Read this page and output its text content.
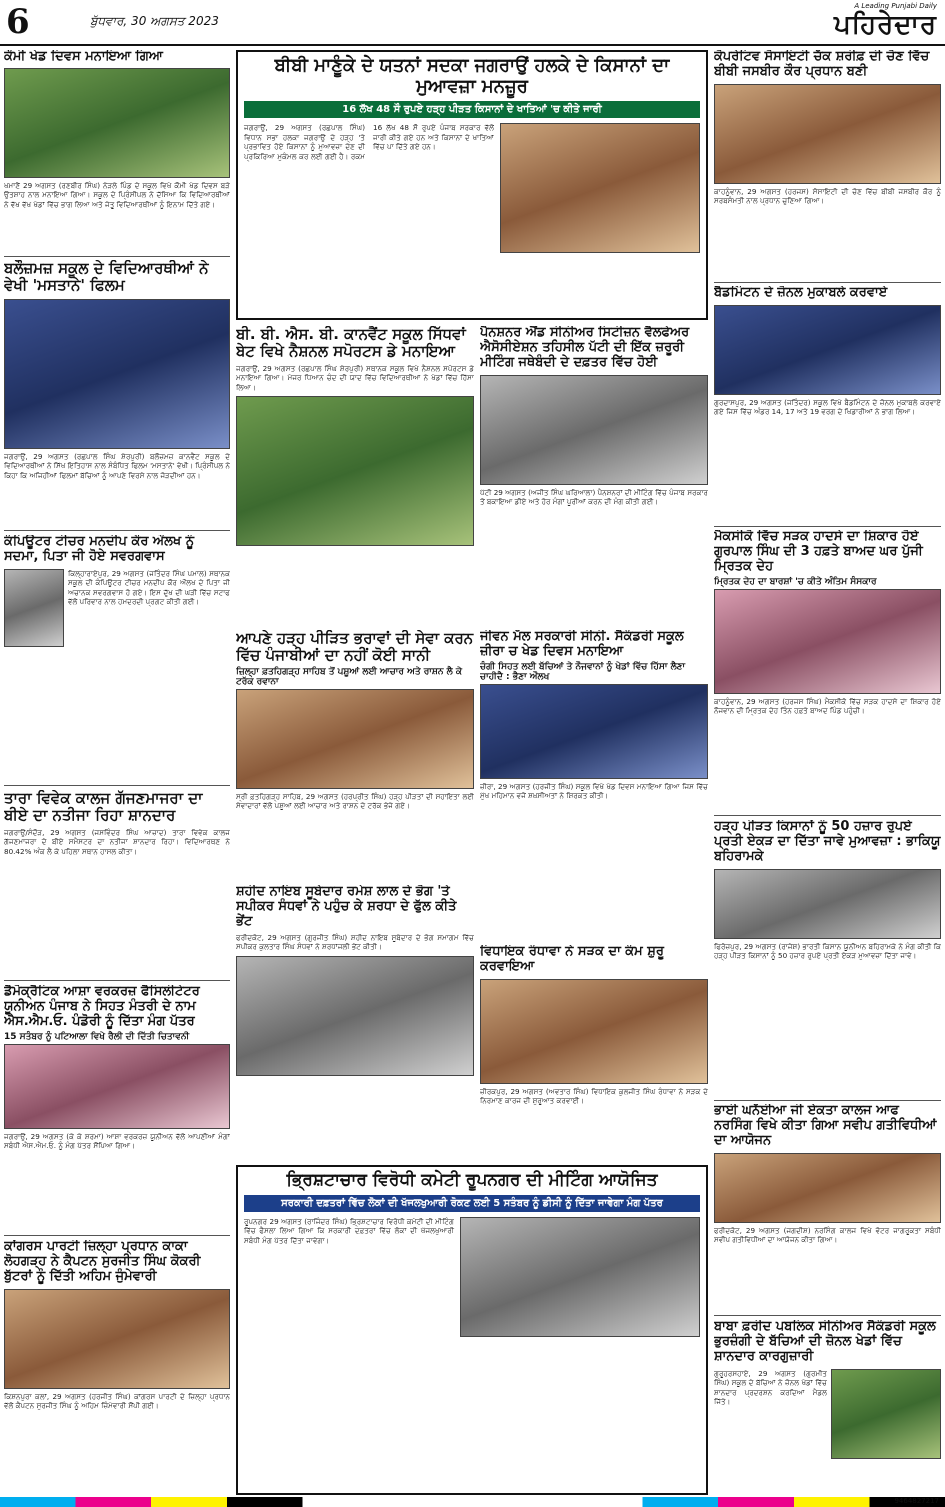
6	ਬੁੱਧਵਾਰ, 30 ਅਗਸਤ 2023
A Leading Punjabi Daily
ਪਹਿਰੇਦਾਰ
ਕੌਮੀ ਖੇਡ ਦਿਵਸ ਮਨਾਇਆ ਗਿਆ
ਖਮਾਣੋਂ 29 ਅਗਸਤ (ਰਣਬੀਰ ਸਿੰਘ) ਨੇੜਲੇ ਪਿੰਡ ਦੇ ਸਕੂਲ ਵਿਖੇ ਕੌਮੀ ਖੇਡ ਦਿਵਸ ਬੜੇ ਉਤਸ਼ਾਹ ਨਾਲ ਮਨਾਇਆ ਗਿਆ। ਸਕੂਲ ਦੇ ਪ੍ਰਿੰਸੀਪਲ ਨੇ ਦੱਸਿਆ ਕਿ ਵਿਦਿਆਰਥੀਆਂ ਨੇ ਵੱਖ ਵੱਖ ਖੇਡਾਂ ਵਿੱਚ ਭਾਗ ਲਿਆ ਅਤੇ ਜੇਤੂ ਵਿਦਿਆਰਥੀਆਂ ਨੂੰ ਇਨਾਮ ਦਿੱਤੇ ਗਏ।
ਬਲੌਜ਼ਮਜ਼ ਸਕੂਲ ਦੇ ਵਿਦਿਆਰਥੀਆਂ ਨੇ ਵੇਖੀ 'ਮਸਤਾਨੇ' ਫਿਲਮ
ਜਗਰਾਉਂ, 29 ਅਗਸਤ (ਰਛਪਾਲ ਸਿੰਘ ਸ਼ੇਰਪੁਰੀ) ਬਲੌਜ਼ਮਜ਼ ਕਾਨਵੈਂਟ ਸਕੂਲ ਦੇ ਵਿਦਿਆਰਥੀਆਂ ਨੇ ਸਿੱਖ ਇਤਿਹਾਸ ਨਾਲ ਸੰਬੰਧਿਤ ਫਿਲਮ 'ਮਸਤਾਨੇ' ਵੇਖੀ। ਪ੍ਰਿੰਸੀਪਲ ਨੇ ਕਿਹਾ ਕਿ ਅਜਿਹੀਆਂ ਫਿਲਮਾਂ ਬੱਚਿਆਂ ਨੂੰ ਆਪਣੇ ਵਿਰਸੇ ਨਾਲ ਜੋੜਦੀਆਂ ਹਨ।
ਕੰਪਿਊਟਰ ਟੀਚਰ ਮਨਦੀਪ ਕੌਰ ਔਲਖ ਨੂੰ ਸਦਮਾ, ਪਿਤਾ ਜੀ ਹੋਏ ਸਵਰਗਵਾਸ
ਕਿਲ੍ਹਾਰਾਏਪੁਰ, 29 ਅਗਸਤ (ਜਤਿੰਦਰ ਸਿੰਘ ਪਮਾਲ) ਸਥਾਨਕ ਸਕੂਲ ਦੀ ਕੰਪਿਊਟਰ ਟੀਚਰ ਮਨਦੀਪ ਕੌਰ ਔਲਖ ਦੇ ਪਿਤਾ ਜੀ ਅਚਾਨਕ ਸਵਰਗਵਾਸ ਹੋ ਗਏ। ਇਸ ਦੁੱਖ ਦੀ ਘੜੀ ਵਿੱਚ ਸਟਾਫ ਵੱਲੋਂ ਪਰਿਵਾਰ ਨਾਲ ਹਮਦਰਦੀ ਪ੍ਰਗਟ ਕੀਤੀ ਗਈ।
ਤਾਰਾ ਵਿਵੇਕ ਕਾਲਜ ਗੱਜਣਮਾਜਰਾ ਦਾ ਬੀਏ ਦਾ ਨਤੀਜਾ ਰਿਹਾ ਸ਼ਾਨਦਾਰ
ਜਗਰਾਉਂ/ਸੰਦੌੜ, 29 ਅਗਸਤ (ਜਸਵਿੰਦਰ ਸਿੰਘ ਆਜ਼ਾਦ) ਤਾਰਾ ਵਿਵੇਕ ਕਾਲਜ ਗੱਜਣਮਾਜਰਾ ਦੇ ਬੀਏ ਸਮੈਸਟਰ ਦਾ ਨਤੀਜਾ ਸ਼ਾਨਦਾਰ ਰਿਹਾ। ਵਿਦਿਆਰਥਣ ਨੇ 80.42% ਅੰਕ ਲੈ ਕੇ ਪਹਿਲਾ ਸਥਾਨ ਹਾਸਲ ਕੀਤਾ।
ਡੈਮੋਕ੍ਰੈਟਿਕ ਆਸ਼ਾ ਵਰਕਰਜ਼ ਫੈਸਿਲੀਟੇਟਰ ਯੂਨੀਅਨ ਪੰਜਾਬ ਨੇ ਸਿਹਤ ਮੰਤਰੀ ਦੇ ਨਾਮ ਐਸ.ਐਮ.ਓ. ਪੰਡੋਰੀ ਨੂੰ ਦਿੱਤਾ ਮੰਗ ਪੱਤਰ
15 ਸਤੰਬਰ ਨੂੰ ਪਟਿਆਲਾ ਵਿਖੇ ਰੈਲੀ ਦੀ ਦਿੱਤੀ ਚਿਤਾਵਨੀ
ਜਗਰਾਉਂ, 29 ਅਗਸਤ (ਕੇ ਕੇ ਸ਼ਰਮਾ) ਆਸ਼ਾ ਵਰਕਰਜ਼ ਯੂਨੀਅਨ ਵੱਲੋਂ ਆਪਣੀਆਂ ਮੰਗਾਂ ਸਬੰਧੀ ਐਸ.ਐਮ.ਓ. ਨੂੰ ਮੰਗ ਪੱਤਰ ਸੌਂਪਿਆ ਗਿਆ।
ਕਾਂਗਰਸ ਪਾਰਟੀ ਜ਼ਿਲ੍ਹਾ ਪ੍ਰਧਾਨ ਕਾਕਾ ਲੋਹਗੜ੍ਹ ਨੇ ਕੈਪਟਨ ਸੁਰਜੀਤ ਸਿੰਘ ਕੋਕਰੀ ਬੁੱਟਰਾਂ ਨੂੰ ਦਿੱਤੀ ਅਹਿਮ ਜੁੰਮੇਵਾਰੀ
ਕਿਸ਼ਨਪੁਰਾ ਕਲਾਂ, 29 ਅਗਸਤ (ਹਰਜੀਤ ਸਿੰਘ) ਕਾਂਗਰਸ ਪਾਰਟੀ ਦੇ ਜ਼ਿਲ੍ਹਾ ਪ੍ਰਧਾਨ ਵੱਲੋਂ ਕੈਪਟਨ ਸੁਰਜੀਤ ਸਿੰਘ ਨੂੰ ਅਹਿਮ ਜ਼ਿੰਮੇਵਾਰੀ ਸੌਂਪੀ ਗਈ।
ਬੀਬੀ ਮਾਣੂੰਕੇ ਦੇ ਯਤਨਾਂ ਸਦਕਾ ਜਗਰਾਉਂ ਹਲਕੇ ਦੇ ਕਿਸਾਨਾਂ ਦਾ ਮੁਆਵਜ਼ਾ ਮਨਜ਼ੂਰ
16 ਲੱਖ 48 ਸੌ ਰੁਪਏ ਹੜ੍ਹ ਪੀੜਤ ਕਿਸਾਨਾਂ ਦੇ ਖਾਤਿਆਂ 'ਚ ਕੀਤੇ ਜਾਰੀ
ਜਗਰਾਉਂ, 29 ਅਗਸਤ (ਰਛਪਾਲ ਸਿੰਘ) ਵਿਧਾਨ ਸਭਾ ਹਲਕਾ ਜਗਰਾਉਂ ਦੇ ਹੜ੍ਹ 'ਤੇ ਪ੍ਰਭਾਵਿਤ ਹੋਏ ਕਿਸਾਨਾਂ ਨੂੰ ਮੁਆਵਜ਼ਾ ਦੇਣ ਦੀ ਪ੍ਰਕਿਰਿਆ ਮੁਕੰਮਲ ਕਰ ਲਈ ਗਈ ਹੈ। ਰਕਮ 16 ਲੱਖ 48 ਸੌ ਰੁਪਏ ਪੰਜਾਬ ਸਰਕਾਰ ਵੱਲੋਂ ਜਾਰੀ ਕੀਤੇ ਗਏ ਹਨ ਅਤੇ ਕਿਸਾਨਾਂ ਦੇ ਖਾਤਿਆਂ ਵਿੱਚ ਪਾ ਦਿੱਤੇ ਗਏ ਹਨ।
ਬੀ. ਬੀ. ਐਸ. ਬੀ. ਕਾਨਵੈਂਟ ਸਕੂਲ ਸਿੱਧਵਾਂ ਬੇਟ ਵਿਖੇ ਨੈਸ਼ਨਲ ਸਪੋਰਟਸ ਡੇ ਮਨਾਇਆ
ਜਗਰਾਉਂ, 29 ਅਗਸਤ (ਰਛਪਾਲ ਸਿੰਘ ਸ਼ੇਰਪੁਰੀ) ਸਥਾਨਕ ਸਕੂਲ ਵਿਖੇ ਨੈਸ਼ਨਲ ਸਪੋਰਟਸ ਡੇ ਮਨਾਇਆ ਗਿਆ। ਮੇਜਰ ਧਿਆਨ ਚੰਦ ਦੀ ਯਾਦ ਵਿੱਚ ਵਿਦਿਆਰਥੀਆਂ ਨੇ ਖੇਡਾਂ ਵਿੱਚ ਹਿੱਸਾ ਲਿਆ।
ਪੈਨਸ਼ਨਰ ਐਂਡ ਸੀਨੀਅਰ ਸਿਟੀਜ਼ਨ ਵੈਲਫੇਅਰ ਐਸੋਸੀਏਸ਼ਨ ਤਹਿਸੀਲ ਪੱਟੀ ਦੀ ਇੱਕ ਜ਼ਰੂਰੀ ਮੀਟਿੰਗ ਜਥੇਬੰਦੀ ਦੇ ਦਫ਼ਤਰ ਵਿੱਚ ਹੋਈ
ਪੱਟੀ 29 ਅਗਸਤ (ਅਜੀਤ ਸਿੰਘ ਘਰਿਆਲਾ) ਪੈਨਸ਼ਨਰਾਂ ਦੀ ਮੀਟਿੰਗ ਵਿੱਚ ਪੰਜਾਬ ਸਰਕਾਰ ਤੋਂ ਬਕਾਇਆ ਡੀਏ ਅਤੇ ਹੋਰ ਮੰਗਾਂ ਪੂਰੀਆਂ ਕਰਨ ਦੀ ਮੰਗ ਕੀਤੀ ਗਈ।
ਆਪਣੇ ਹੜ੍ਹ ਪੀੜਿਤ ਭਰਾਵਾਂ ਦੀ ਸੇਵਾ ਕਰਨ ਵਿੱਚ ਪੰਜਾਬੀਆਂ ਦਾ ਨਹੀਂ ਕੋਈ ਸਾਨੀ
ਜ਼ਿਲ੍ਹਾ ਫ਼ਤਹਿਗੜ੍ਹ ਸਾਹਿਬ ਤੋਂ ਪਸ਼ੂਆਂ ਲਈ ਆਚਾਰ ਅਤੇ ਰਾਸ਼ਨ ਲੈ ਕੇ ਟਰੱਕ ਰਵਾਨਾ
ਸ੍ਰੀ ਫ਼ਤਹਿਗੜ੍ਹ ਸਾਹਿਬ, 29 ਅਗਸਤ (ਹਰਪ੍ਰੀਤ ਸਿੰਘ) ਹੜ੍ਹ ਪੀੜਤਾਂ ਦੀ ਸਹਾਇਤਾ ਲਈ ਸੇਵਾਦਾਰਾਂ ਵੱਲੋਂ ਪਸ਼ੂਆਂ ਲਈ ਆਚਾਰ ਅਤੇ ਰਾਸ਼ਨ ਦੇ ਟਰੱਕ ਭੇਜੇ ਗਏ।
ਜੀਵਨ ਮੱਲ ਸਰਕਾਰੀ ਸੀਨੀ. ਸੈਕੰਡਰੀ ਸਕੂਲ ਜ਼ੀਰਾ ਚ ਖੇਡ ਦਿਵਸ ਮਨਾਇਆ
ਚੰਗੀ ਸਿਹਤ ਲਈ ਬੱਚਿਆਂ ਤੇ ਨੌਜਵਾਨਾਂ ਨੂੰ ਖੇਡਾਂ ਵਿੱਚ ਹਿੱਸਾ ਲੈਣਾ ਚਾਹੀਦੈ : ਭੈਣਾ ਔਲਖ
ਜ਼ੀਰਾ, 29 ਅਗਸਤ (ਹਰਜੀਤ ਸਿੰਘ) ਸਕੂਲ ਵਿਖੇ ਖੇਡ ਦਿਵਸ ਮਨਾਇਆ ਗਿਆ ਜਿਸ ਵਿੱਚ ਮੁੱਖ ਮਹਿਮਾਨ ਵਜੋਂ ਸ਼ਖ਼ਸੀਅਤਾਂ ਨੇ ਸ਼ਿਰਕਤ ਕੀਤੀ।
ਸ਼ਹੀਦ ਨਾਇਬ ਸੂਬੇਦਾਰ ਰਮੇਸ਼ ਲਾਲ ਦੇ ਭੋਗ 'ਤੇ ਸਪੀਕਰ ਸੰਧਵਾਂ ਨੇ ਪਹੁੰਚ ਕੇ ਸ਼ਰਧਾ ਦੇ ਫੁੱਲ ਕੀਤੇ ਭੇਂਟ
ਫਰੀਦਕੋਟ, 29 ਅਗਸਤ (ਗੁਰਜੀਤ ਸਿੰਘ) ਸ਼ਹੀਦ ਨਾਇਬ ਸੂਬੇਦਾਰ ਦੇ ਭੋਗ ਸਮਾਗਮ ਵਿੱਚ ਸਪੀਕਰ ਕੁਲਤਾਰ ਸਿੰਘ ਸੰਧਵਾਂ ਨੇ ਸ਼ਰਧਾਂਜਲੀ ਭੇਂਟ ਕੀਤੀ।	ਵਿਧਾਇਕ ਰੰਧਾਵਾ ਨੇ ਸੜਕ ਦਾ ਕੰਮ ਸ਼ੁਰੂ ਕਰਵਾਇਆ
ਜ਼ੀਰਕਪੁਰ, 29 ਅਗਸਤ (ਅਵਤਾਰ ਸਿੰਘ) ਵਿਧਾਇਕ ਕੁਲਜੀਤ ਸਿੰਘ ਰੰਧਾਵਾ ਨੇ ਸੜਕ ਦੇ ਨਿਰਮਾਣ ਕਾਰਜ ਦੀ ਸ਼ੁਰੂਆਤ ਕਰਵਾਈ।
ਭ੍ਰਿਸ਼ਟਾਚਾਰ ਵਿਰੋਧੀ ਕਮੇਟੀ ਰੂਪਨਗਰ ਦੀ ਮੀਟਿੰਗ ਆਯੋਜਿਤ
ਸਰਕਾਰੀ ਦਫ਼ਤਰਾਂ ਵਿੱਚ ਲੋਕਾਂ ਦੀ ਖੱਜਲਖੁਆਰੀ ਰੋਕਣ ਲਈ 5 ਸਤੰਬਰ ਨੂੰ ਡੀਸੀ ਨੂੰ ਦਿੱਤਾ ਜਾਵੇਗਾ ਮੰਗ ਪੱਤਰ
ਰੂਪਨਗਰ 29 ਅਗਸਤ (ਰਾਜਿੰਦਰ ਸਿੰਘ) ਭ੍ਰਿਸ਼ਟਾਚਾਰ ਵਿਰੋਧੀ ਕਮੇਟੀ ਦੀ ਮੀਟਿੰਗ ਵਿੱਚ ਫੈਸਲਾ ਲਿਆ ਗਿਆ ਕਿ ਸਰਕਾਰੀ ਦਫ਼ਤਰਾਂ ਵਿੱਚ ਲੋਕਾਂ ਦੀ ਖੱਜਲਖੁਆਰੀ ਸਬੰਧੀ ਮੰਗ ਪੱਤਰ ਦਿੱਤਾ ਜਾਵੇਗਾ।
ਕੋਪਰੇਟਿਵ ਸੋਸਾਇਟੀ ਚੱਕ ਸ਼ਰੀਫ਼ ਦੀ ਚੋਣ ਵਿੱਚ ਬੀਬੀ ਜਸਬੀਰ ਕੌਰ ਪ੍ਰਧਾਨ ਬਣੀ
ਕਾਹਨੂੰਵਾਨ, 29 ਅਗਸਤ (ਹਰਜਸ) ਸੋਸਾਇਟੀ ਦੀ ਚੋਣ ਵਿੱਚ ਬੀਬੀ ਜਸਬੀਰ ਕੌਰ ਨੂੰ ਸਰਬਸੰਮਤੀ ਨਾਲ ਪ੍ਰਧਾਨ ਚੁਣਿਆ ਗਿਆ।
ਬੈਡਮਿੰਟਨ ਦੇ ਜ਼ੋਨਲ ਮੁਕਾਬਲੇ ਕਰਵਾਏ
ਗੁਰਦਾਸਪੁਰ, 29 ਅਗਸਤ (ਜਤਿੰਦਰ) ਸਕੂਲ ਵਿਖੇ ਬੈਡਮਿੰਟਨ ਦੇ ਜ਼ੋਨਲ ਮੁਕਾਬਲੇ ਕਰਵਾਏ ਗਏ ਜਿਸ ਵਿੱਚ ਅੰਡਰ 14, 17 ਅਤੇ 19 ਵਰਗ ਦੇ ਖਿਡਾਰੀਆਂ ਨੇ ਭਾਗ ਲਿਆ।
ਮੈਕਸੀਕੋ ਵਿੱਚ ਸੜਕ ਹਾਦਸੇ ਦਾ ਸ਼ਿਕਾਰ ਹੋਏ ਗੁਰਪਾਲ ਸਿੰਘ ਦੀ 3 ਹਫ਼ਤੇ ਬਾਅਦ ਘਰ ਪੁੱਜੀ ਮ੍ਰਿਤਕ ਦੇਹ
ਮ੍ਰਿਤਕ ਦੇਹ ਦਾ ਬਾਰਸ਼ਾਂ 'ਚ ਕੀਤੇ ਅੰਤਿਮ ਸੰਸਕਾਰ
ਕਾਹਨੂੰਵਾਨ, 29 ਅਗਸਤ (ਹਰਜਸ ਸਿੰਘ) ਮੈਕਸੀਕੋ ਵਿੱਚ ਸੜਕ ਹਾਦਸੇ ਦਾ ਸ਼ਿਕਾਰ ਹੋਏ ਨੌਜਵਾਨ ਦੀ ਮ੍ਰਿਤਕ ਦੇਹ ਤਿੰਨ ਹਫ਼ਤੇ ਬਾਅਦ ਪਿੰਡ ਪਹੁੰਚੀ।
ਹੜ੍ਹ ਪੀੜਤ ਕਿਸਾਨਾਂ ਨੂੰ 50 ਹਜ਼ਾਰ ਰੁਪਏ ਪ੍ਰਤੀ ਏਕੜ ਦਾ ਦਿੱਤਾ ਜਾਵੇ ਮੁਆਵਜ਼ਾ : ਭਾਕਿਯੂ ਬਹਿਰਾਮਕੇ
ਫਿਰੋਜ਼ਪੁਰ, 29 ਅਗਸਤ (ਰਾਜੇਸ਼) ਭਾਰਤੀ ਕਿਸਾਨ ਯੂਨੀਅਨ ਬਹਿਰਾਮਕੇ ਨੇ ਮੰਗ ਕੀਤੀ ਕਿ ਹੜ੍ਹ ਪੀੜਤ ਕਿਸਾਨਾਂ ਨੂੰ 50 ਹਜ਼ਾਰ ਰੁਪਏ ਪ੍ਰਤੀ ਏਕੜ ਮੁਆਵਜ਼ਾ ਦਿੱਤਾ ਜਾਵੇ।
ਭਾਈ ਘਨੱਈਆ ਜੀ ਏਕਤਾ ਕਾਲਜ ਆਫ ਨਰਸਿੰਗ ਵਿਖੇ ਕੀਤਾ ਗਿਆ ਸਵੀਪ ਗਤੀਵਿਧੀਆਂ ਦਾ ਆਯੋਜਨ
ਫਰੀਦਕੋਟ, 29 ਅਗਸਤ (ਜਗਦੀਸ਼) ਨਰਸਿੰਗ ਕਾਲਜ ਵਿਖੇ ਵੋਟਰ ਜਾਗਰੂਕਤਾ ਸਬੰਧੀ ਸਵੀਪ ਗਤੀਵਿਧੀਆਂ ਦਾ ਆਯੋਜਨ ਕੀਤਾ ਗਿਆ।
ਬਾਬਾ ਫ਼ਰੀਦ ਪਬਲਿਕ ਸੀਨੀਅਰ ਸੈਕੰਡਰੀ ਸਕੂਲ ਭੁਰਜ਼ੰਗੀ ਦੇ ਬੱਚਿਆਂ ਦੀ ਜ਼ੋਨਲ ਖੇਡਾਂ ਵਿੱਚ ਸ਼ਾਨਦਾਰ ਕਾਰਗੁਜ਼ਾਰੀ
ਗੁਰੂਹਰਸਹਾਏ, 29 ਅਗਸਤ (ਗੁਰਮੀਤ ਸਿੰਘ) ਸਕੂਲ ਦੇ ਬੱਚਿਆਂ ਨੇ ਜ਼ੋਨਲ ਖੇਡਾਂ ਵਿੱਚ ਸ਼ਾਨਦਾਰ ਪ੍ਰਦਰਸ਼ਨ ਕਰਦਿਆਂ ਮੈਡਲ ਜਿੱਤੇ।
9464827217
